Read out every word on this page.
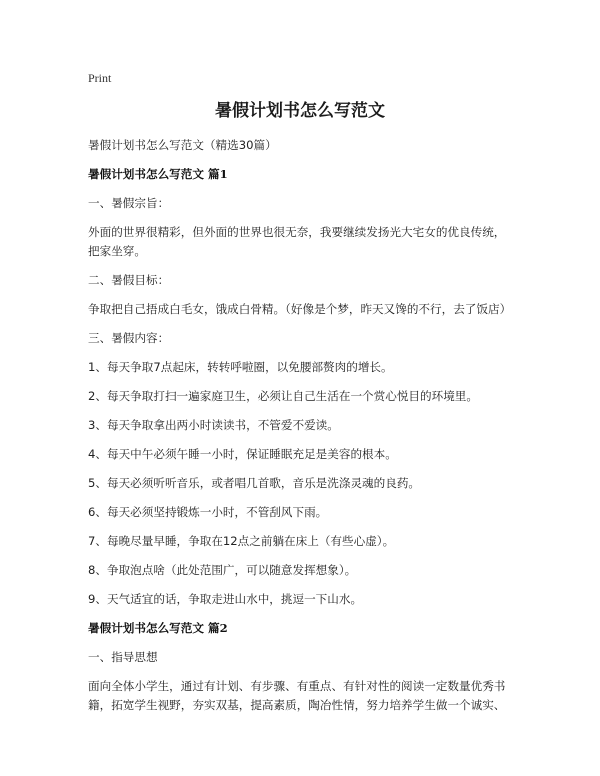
Print
暑假计划书怎么写范文

暑假计划书怎么写范文（精选30篇）

暑假计划书怎么写范文 篇1

一、暑假宗旨：

外面的世界很精彩，但外面的世界也很无奈，我要继续发扬光大宅女的优良传统，把家坐穿。

二、暑假目标：

争取把自己捂成白毛女，饿成白骨精。（好像是个梦，昨天又馋的不行，去了饭店）

三、暑假内容：

1、每天争取7点起床，转转呼啦圈，以免腰部赘肉的增长。

2、每天争取打扫一遍家庭卫生，必须让自己生活在一个赏心悦目的环境里。

3、每天争取拿出两小时读读书，不管爱不爱读。

4、每天中午必须午睡一小时，保证睡眠充足是美容的根本。

5、每天必须听听音乐，或者唱几首歌，音乐是洗涤灵魂的良药。

6、每天必须坚持锻炼一小时，不管刮风下雨。

7、每晚尽量早睡，争取在12点之前躺在床上（有些心虚）。

8、争取泡点啥（此处范围广，可以随意发挥想象）。

9、天气适宜的话，争取走进山水中，挑逗一下山水。

暑假计划书怎么写范文 篇2

一、指导思想

面向全体小学生，通过有计划、有步骤、有重点、有针对性的阅读一定数量优秀书籍，拓宽学生视野，夯实双基，提高素质，陶冶性情，努力培养学生做一个诚实、
